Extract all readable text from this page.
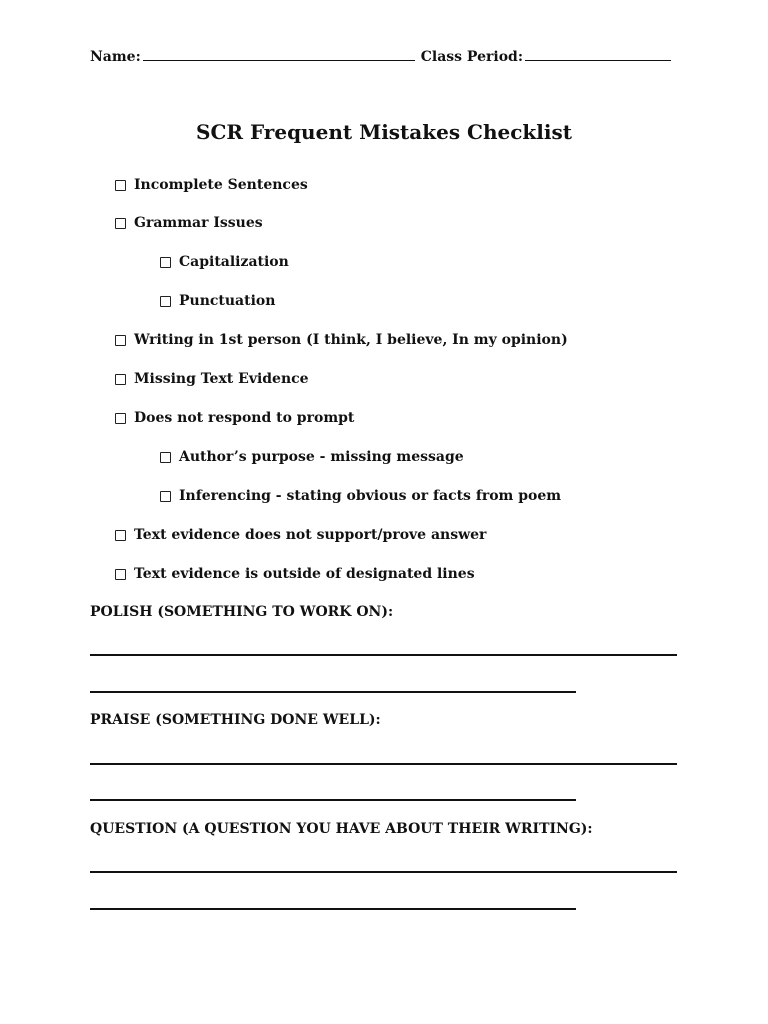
Name:	Class Period:
SCR Frequent Mistakes Checklist
Incomplete Sentences
Grammar Issues
Capitalization
Punctuation
Writing in 1st person (I think, I believe, In my opinion)
Missing Text Evidence
Does not respond to prompt
Author’s purpose - missing message
Inferencing - stating obvious or facts from poem
Text evidence does not support/prove answer
Text evidence is outside of designated lines
POLISH (SOMETHING TO WORK ON):
PRAISE (SOMETHING DONE WELL):
QUESTION (A QUESTION YOU HAVE ABOUT THEIR WRITING):
